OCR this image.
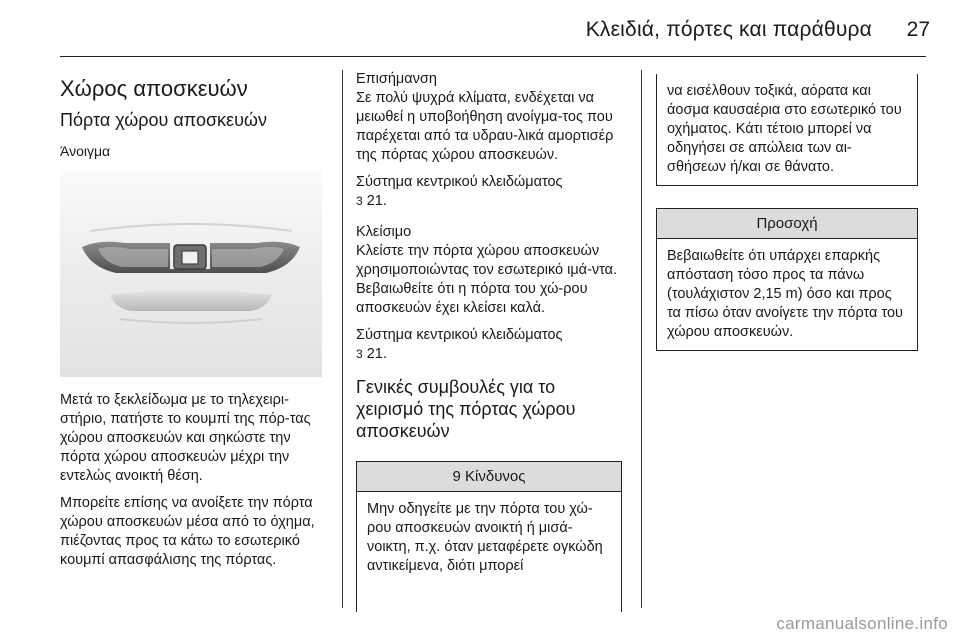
Κλειδιά, πόρτες και παράθυρα 27
Χώρος αποσκευών
Πόρτα χώρου αποσκευών
Άνοιγμα

Μετά το ξεκλείδωμα με το τηλεχειρι-στήριο, πατήστε το κουμπί της πόρ-τας χώρου αποσκευών και σηκώστε την πόρτα χώρου αποσκευών μέχρι την εντελώς ανοικτή θέση.

Μπορείτε επίσης να ανοίξετε την πόρτα χώρου αποσκευών μέσα από το όχημα, πιέζοντας προς τα κάτω το εσωτερικό κουμπί απασφάλισης της πόρτας.

Επισήμανση

Σε πολύ ψυχρά κλίματα, ενδέχεται να μειωθεί η υποβοήθηση ανοίγμα-τος που παρέχεται από τα υδραυ-λικά αμορτισέρ της πόρτας χώρου αποσκευών.

Σύστημα κεντρικού κλειδώματος
3 21.
Κλείσιμο

Κλείστε την πόρτα χώρου αποσκευών χρησιμοποιώντας τον εσωτερικό ιμά-ντα. Βεβαιωθείτε ότι η πόρτα του χώ-ρου αποσκευών έχει κλείσει καλά.

Σύστημα κεντρικού κλειδώματος
3 21.
Γενικές συμβουλές για το χειρισμό της πόρτας χώρου αποσκευών
9 Κίνδυνος

Μην οδηγείτε με την πόρτα του χώ-ρου αποσκευών ανοικτή ή μισά-νοικτη, π.χ. όταν μεταφέρετε ογκώδη αντικείμενα, διότι μπορεί

να εισέλθουν τοξικά, αόρατα και άοσμα καυσαέρια στο εσωτερικό του οχήματος. Κάτι τέτοιο μπορεί να οδηγήσει σε απώλεια των αι-σθήσεων ή/και σε θάνατο.

Προσοχή

Βεβαιωθείτε ότι υπάρχει επαρκής απόσταση τόσο προς τα πάνω (τουλάχιστον 2,15 m) όσο και προς τα πίσω όταν ανοίγετε την πόρτα του χώρου αποσκευών.

carmanualsonline.info
